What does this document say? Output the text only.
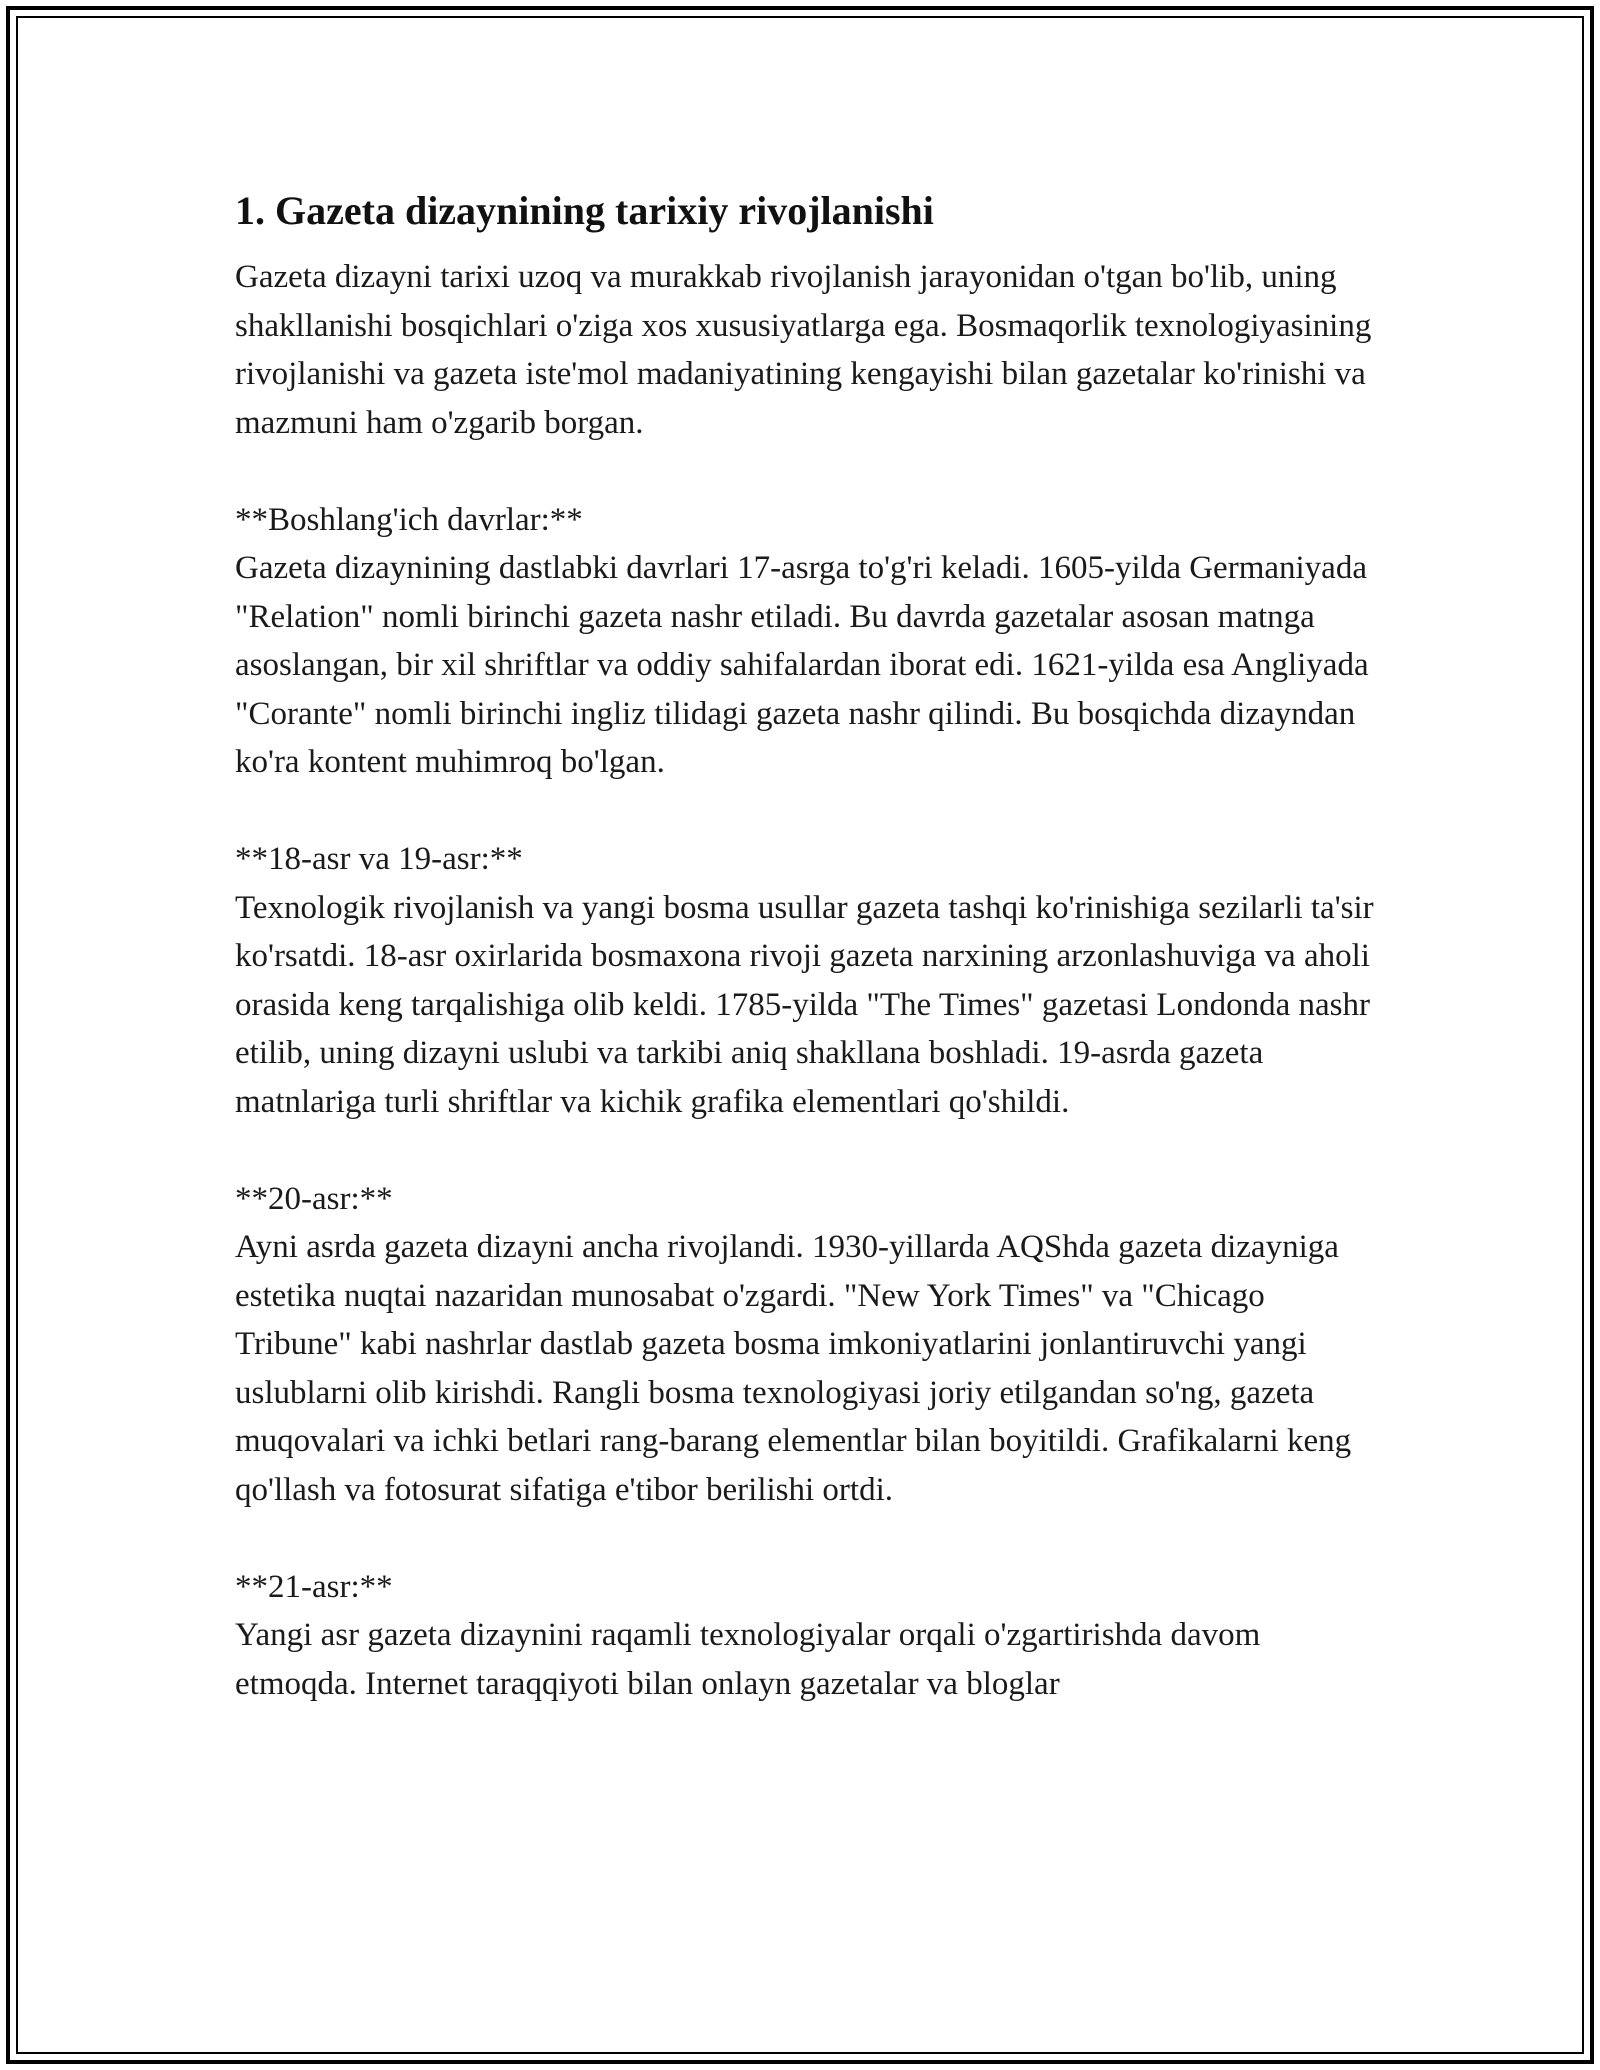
1. Gazeta dizaynining tarixiy rivojlanishi

Gazeta dizayni tarixi uzoq va murakkab rivojlanish jarayonidan o'tgan bo'lib, uning shakllanishi bosqichlari o'ziga xos xususiyatlarga ega. Bosmaqorlik texnologiyasining rivojlanishi va gazeta iste'mol madaniyatining kengayishi bilan gazetalar ko'rinishi va mazmuni ham o'zgarib borgan.

**Boshlang'ich davrlar:**

Gazeta dizaynining dastlabki davrlari 17-asrga to'g'ri keladi. 1605-yilda Germaniyada "Relation" nomli birinchi gazeta nashr etiladi. Bu davrda gazetalar asosan matnga asoslangan, bir xil shriftlar va oddiy sahifalardan iborat edi. 1621-yilda esa Angliyada "Corante" nomli birinchi ingliz tilidagi gazeta nashr qilindi. Bu bosqichda dizayndan ko'ra kontent muhimroq bo'lgan.

**18-asr va 19-asr:**

Texnologik rivojlanish va yangi bosma usullar gazeta tashqi ko'rinishiga sezilarli ta'sir ko'rsatdi. 18-asr oxirlarida bosmaxona rivoji gazeta narxining arzonlashuviga va aholi orasida keng tarqalishiga olib keldi. 1785-yilda "The Times" gazetasi Londonda nashr etilib, uning dizayni uslubi va tarkibi aniq shakllana boshladi. 19-asrda gazeta matnlariga turli shriftlar va kichik grafika elementlari qo'shildi.

**20-asr:**

Ayni asrda gazeta dizayni ancha rivojlandi. 1930-yillarda AQShda gazeta dizayniga estetika nuqtai nazaridan munosabat o'zgardi. "New York Times" va "Chicago Tribune" kabi nashrlar dastlab gazeta bosma imkoniyatlarini jonlantiruvchi yangi uslublarni olib kirishdi. Rangli bosma texnologiyasi joriy etilgandan so'ng, gazeta muqovalari va ichki betlari rang-barang elementlar bilan boyitildi. Grafikalarni keng qo'llash va fotosurat sifatiga e'tibor berilishi ortdi.

**21-asr:**

Yangi asr gazeta dizaynini raqamli texnologiyalar orqali o'zgartirishda davom etmoqda. Internet taraqqiyoti bilan onlayn gazetalar va bloglar
